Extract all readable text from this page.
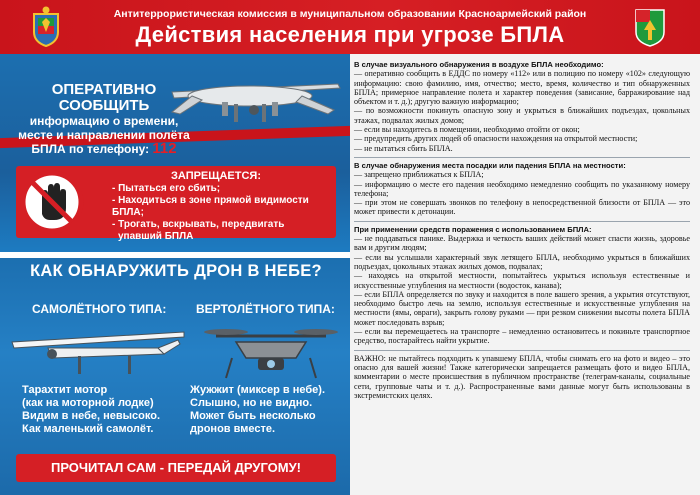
Антитеррористическая комиссия в муниципальном образовании Красноармейский район
Действия населения при угрозе БПЛА
ОПЕРАТИВНО СООБЩИТЬ
информацию о времени,
месте и направлении полёта
БПЛА по телефону: 112
ЗАПРЕЩАЕТСЯ:
- Пытаться его сбить;
- Находиться в зоне прямой видимости БПЛА;
- Трогать, вскрывать, передвигать
упавший БПЛА
КАК ОБНАРУЖИТЬ ДРОН В НЕБЕ?
САМОЛЁТНОГО ТИПА: ВЕРТОЛЁТНОГО ТИПА:
Тарахтит мотор
(как на моторной лодке)
Видим в небе, невысоко.
Как маленький самолёт.
Жужжит (миксер в небе).
Слышно, но не видно.
Может быть несколько
дронов вместе.
ПРОЧИТАЛ САМ - ПЕРЕДАЙ ДРУГОМУ!

В случае визуального обнаружения в воздухе БПЛА необходимо:

— оперативно сообщить в ЕДДС по номеру «112» или в полицию по номеру «102» следующую информацию: свою фамилию, имя, отчество; место, время, количество и тип обнаруженных БПЛА; примерное направление полета и характер поведения (зависание, барражирование над объектом и т. д.); другую важную информацию;

— по возможности покинуть опасную зону и укрыться в ближайших подъездах, цокольных этажах, подвалах жилых домов;

— если вы находитесь в помещении, необходимо отойти от окон;

— предупредить других людей об опасности нахождения на открытой местности;

— не пытаться сбить БПЛА.

В случае обнаружения места посадки или падения БПЛА на местности:

— запрещено приближаться к БПЛА;

— информацию о месте его падения необходимо немедленно сообщить по указанному номеру телефона;

— при этом не совершать звонков по телефону в непосредственной близости от БПЛА — это может привести к детонации.

При применении средств поражения с использованием БПЛА:

— не поддаваться панике. Выдержка и четкость ваших действий может спасти жизнь, здоровье вам и другим людям;

— если вы услышали характерный звук летящего БПЛА, необходимо укрыться в ближайших подъездах, цокольных этажах жилых домов, подвалах;

— находясь на открытой местности, попытайтесь укрыться используя естественные и искусственные углубления на местности (водосток, канава);

— если БПЛА определяется по звуку и находится в поле вашего зрения, а укрытия отсутствуют, необходимо быстро лечь на землю, используя естественные и искусственные углубления на местности (ямы, овраги), закрыть голову руками — при резком снижении высоты полета БПЛА может последовать взрыв;

— если вы перемещаетесь на транспорте – немедленно остановитесь и покиньте транспортное средство, постарайтесь найти укрытие.

ВАЖНО: не пытайтесь подходить к упавшему БПЛА, чтобы снимать его на фото и видео – это опасно для вашей жизни! Также категорически запрещается размещать фото и видео БПЛА, комментарии о месте происшествия в публичном пространстве (телеграм-каналы, социальные сети, групповые чаты и т. д.). Распространенные вами данные могут быть использованы в экстремистских целях.
